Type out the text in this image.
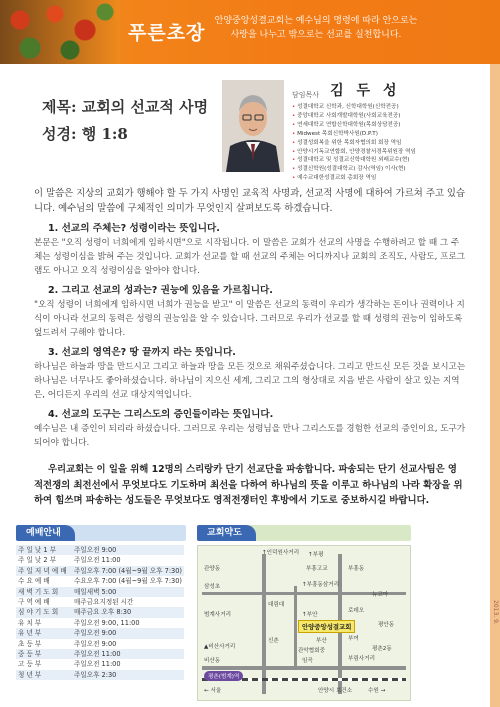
푸른초장
안양중앙성결교회는 예수님의 명령에 따라 안으로는
사랑을 나누고 밖으로는 선교를 실천합니다.
2013. 9.
제목: 교회의 선교적 사명
성경: 행 1:8
담임목사 김 두 성
• 성결대학교 신학과, 신학대학원(신학전공)
• 중앙대학교 사회개발대학원(사회교육전공)
• 연세대학교 연합신학대학원(목회상담전공)
• Midwest 목회신학박사원(D.P.T)
• 성결성회복을 위한 목회자협의회 회장 역임
• 안양시기독교연합회, 안양경찰서경목위원장 역임
• 성결대학교 및 성결교신학대학원 외래교수(현)
• 성결신학원(성결대학교) 감사(역임) 이사(현)
• 예수교대한성결교회 총회장 역임
이 말씀은 지상의 교회가 행해야 할 두 가지 사명인 교육적 사명과, 선교적 사명에 대하여 가르쳐 주고 있습니다. 예수님의 말씀에 구체적인 의미가 무엇인지 살펴보도록 하겠습니다.
1. 선교의 주체는? 성령이라는 뜻입니다.

본문은 "오직 성령이 너희에게 임하시면"으로 시작됩니다. 이 말씀은 교회가 선교의 사명을 수행하려고 할 때 그 주체는 성령이심을 밝혀 주는 것입니다. 교회가 선교를 할 때 선교의 주체는 어디까지나 교회의 조직도, 사람도, 프로그램도 아니고 오직 성령이심을 알아야 합니다.

2. 그리고 선교의 성과는? 권능에 있음을 가르칩니다.

"오직 성령이 너희에게 임하시면 너희가 권능을 받고" 이 말씀은 선교의 동력이 우리가 생각하는 돈이나 권력이나 지식이 아니라 선교의 동력은 성령의 권능임을 알 수 있습니다. 그러므로 우리가 선교를 할 때 성령의 권능이 임하도록 엎드려서 구해야 합니다.

3. 선교의 영역은? 땅 끝까지 라는 뜻입니다.

하나님은 하늘과 땅을 만드시고 그리고 하늘과 땅을 모든 것으로 채워주셨습니다. 그리고 만드신 모든 것을 보시고는 하나님은 너무나도 좋아하셨습니다. 하나님이 지으신 세계, 그리고 그의 형상대로 지음 받은 사람이 살고 있는 지역은, 어디든지 우리의 선교 대상지역입니다.

4. 선교의 도구는 그리스도의 증인들이라는 뜻입니다.

예수님은 내 증인이 되리라 하셨습니다. 그러므로 우리는 성령님을 만나 그리스도를 경험한 선교의 증인이요, 도구가 되어야 합니다.

우리교회는 이 일을 위해 12명의 스리랑카 단기 선교단을 파송합니다. 파송되는 단기 선교사팀은 영적전쟁의 최전선에서 무엇보다도 기도하며 최선을 다하여 하나님의 뜻을 이루고 하나님의 나라 확장을 위하여 힘쓰며 파송하는 성도들은 무엇보다도 영적전쟁터인 후방에서 기도로 중보하시길 바랍니다.
예배안내
주 일 낮 1 부	주일오전 9:00
주 일 낮 2 부	주일오전 11:00
주 일 저 녁 예 배	주일오후 7:00 (4월~9월 오후 7:30)
수 요 예 배	수요오후 7:00 (4월~9월 오후 7:30)
새 벽 기 도 회	매일새벽 5:00
구 역 예 배	매주금요지정된 시간
심 야 기 도 회	매주금요 오후 8:30
유 치 부	주일오전 9:00, 11:00
유 년 부	주일오전 9:00
초 등 부	주일오전 9:00
중 등 부	주일오전 11:00
고 등 부	주일오전 11:00
청 년 부	주일오후 2:30
교회약도
↑인덕원사거리
관양동	부흥고교	부흥동
↑부흥동삼거리
삼성초
대림대
범계사거리
뉴코아
로데오
↑부안
안양중앙성결교회
신촌	부산
관악협회중
부여
▲비산사거리
비산동	부림사거리
임곡
평촌(범계)역
← 서울	수원 →
안양시 보건소
평안동
평촌2동
↑부평
